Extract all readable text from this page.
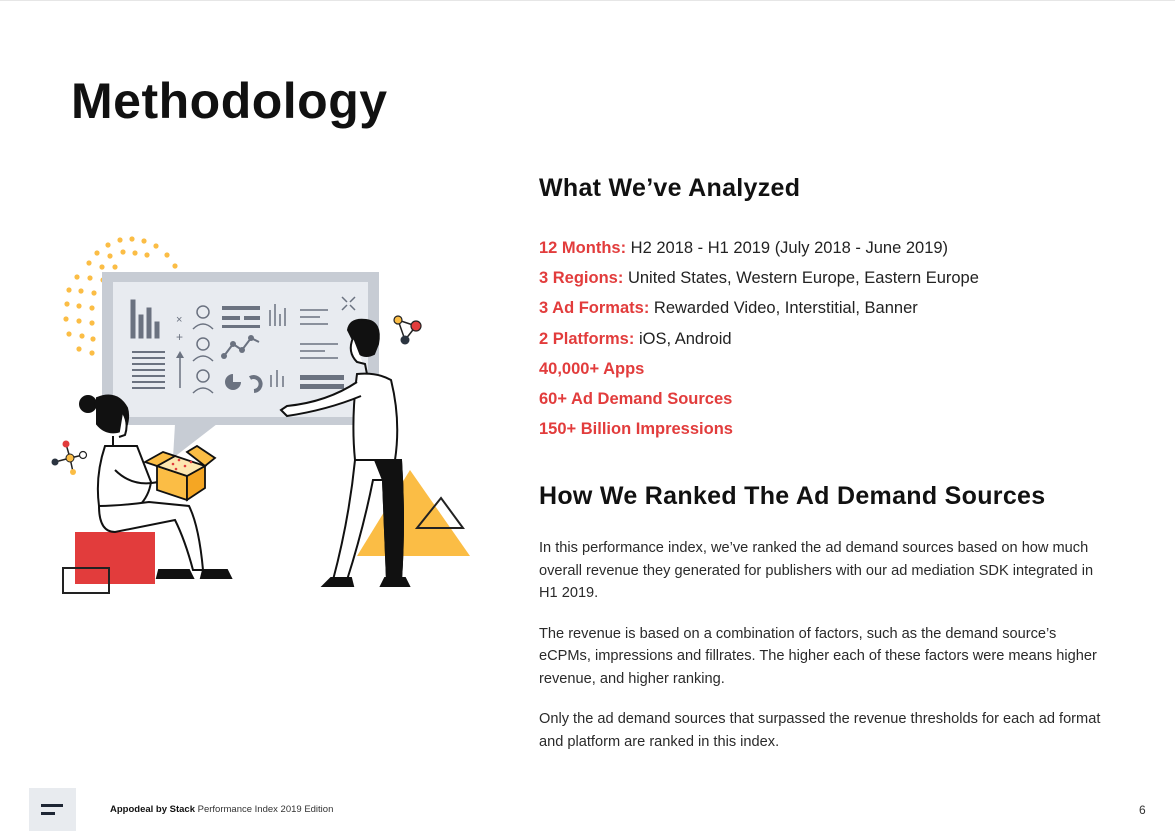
Methodology
×
+
What We’ve Analyzed
12 Months: H2 2018 - H1 2019 (July 2018 - June 2019)
3 Regions: United States, Western Europe, Eastern Europe
3 Ad Formats: Rewarded Video, Interstitial, Banner
2 Platforms: iOS, Android
40,000+ Apps
60+ Ad Demand Sources
150+ Billion Impressions
How We Ranked The Ad Demand Sources

In this performance index, we’ve ranked the ad demand sources based on how much overall revenue they generated for publishers with our ad mediation SDK integrated in H1 2019.

The revenue is based on a combination of factors, such as the demand source’s eCPMs, impressions and fillrates. The higher each of these factors were means higher revenue, and higher ranking.

Only the ad demand sources that surpassed the revenue thresholds for each ad format and platform are ranked in this index.

Appodeal by Stack Performance Index 2019 Edition	6
